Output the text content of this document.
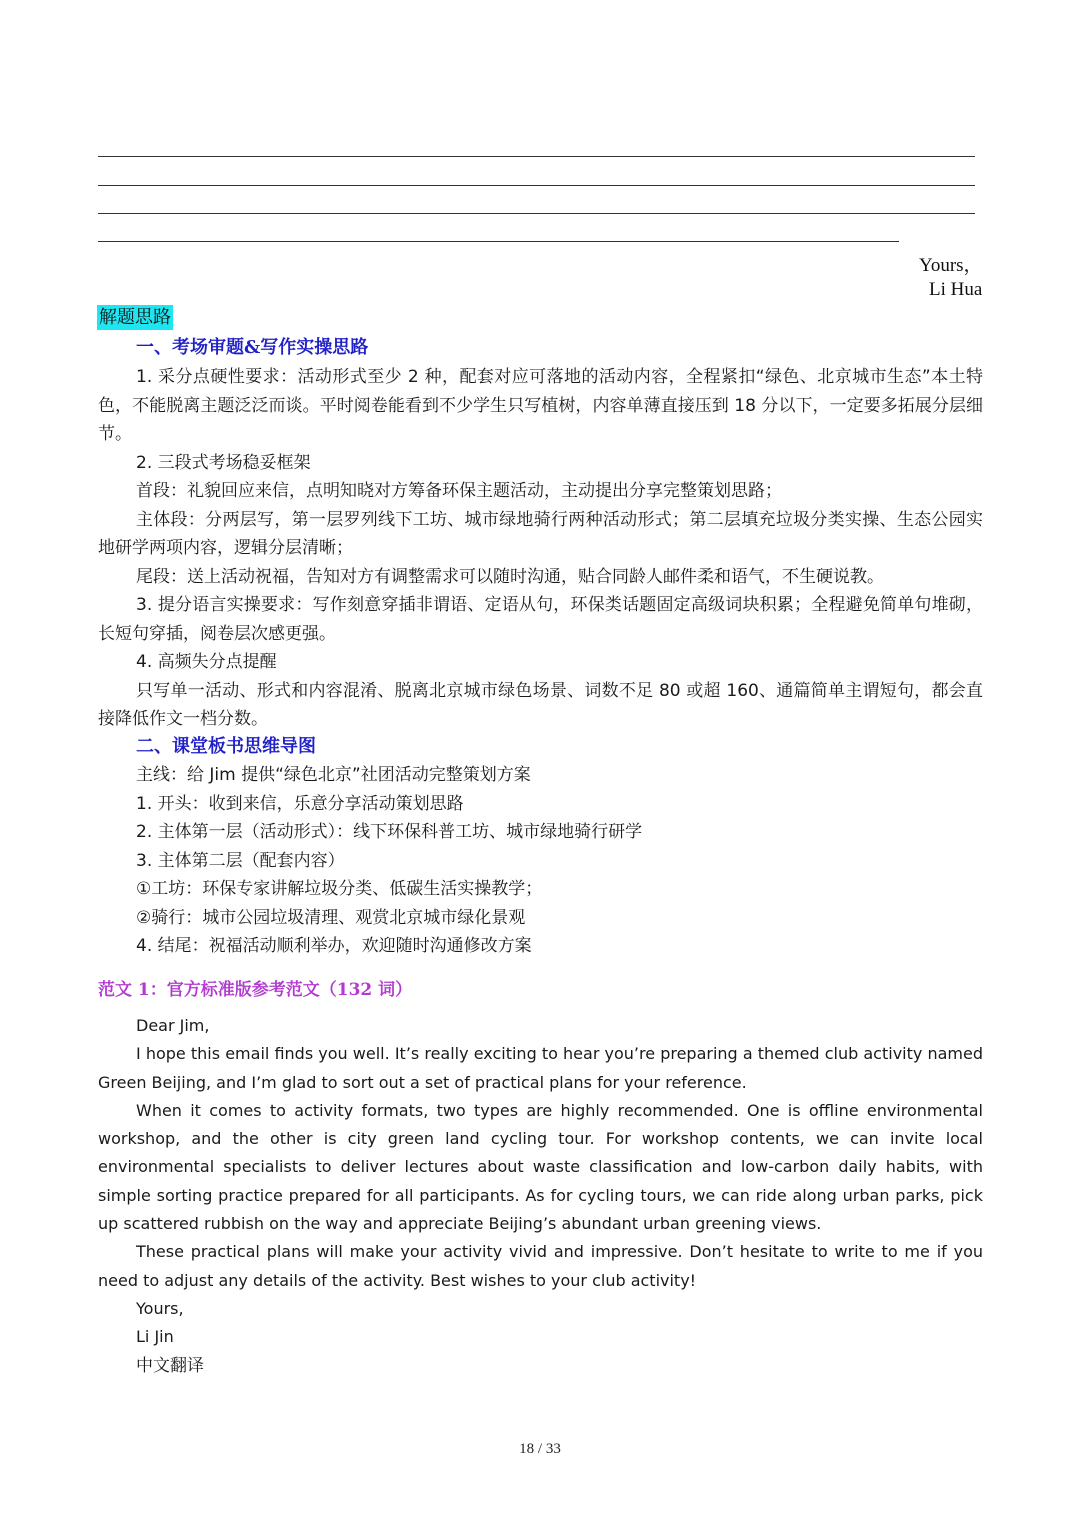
Yours，
Li Hua
解题思路
一、考场审题&写作实操思路

1. 采分点硬性要求：活动形式至少 2 种，配套对应可落地的活动内容，全程紧扣“绿色、北京城市生态”本土特色，不能脱离主题泛泛而谈。平时阅卷能看到不少学生只写植树，内容单薄直接压到 18 分以下，一定要多拓展分层细节。

2. 三段式考场稳妥框架

首段：礼貌回应来信，点明知晓对方筹备环保主题活动，主动提出分享完整策划思路；

主体段：分两层写，第一层罗列线下工坊、城市绿地骑行两种活动形式；第二层填充垃圾分类实操、生态公园实地研学两项内容，逻辑分层清晰；

尾段：送上活动祝福，告知对方有调整需求可以随时沟通，贴合同龄人邮件柔和语气，不生硬说教。

3. 提分语言实操要求：写作刻意穿插非谓语、定语从句，环保类话题固定高级词块积累；全程避免简单句堆砌，长短句穿插，阅卷层次感更强。

4. 高频失分点提醒

只写单一活动、形式和内容混淆、脱离北京城市绿色场景、词数不足 80 或超 160、通篇简单主谓短句，都会直接降低作文一档分数。

二、课堂板书思维导图

主线：给 Jim 提供“绿色北京”社团活动完整策划方案

1. 开头：收到来信，乐意分享活动策划思路

2. 主体第一层（活动形式）：线下环保科普工坊、城市绿地骑行研学

3. 主体第二层（配套内容）

①工坊：环保专家讲解垃圾分类、低碳生活实操教学；

②骑行：城市公园垃圾清理、观赏北京城市绿化景观

4. 结尾：祝福活动顺利举办，欢迎随时沟通修改方案

范文 1：官方标准版参考范文（132 词）

Dear Jim,

I hope this email finds you well. It’s really exciting to hear you’re preparing a themed club activity named Green Beijing, and I’m glad to sort out a set of practical plans for your reference.

When it comes to activity formats, two types are highly recommended. One is offline environmental workshop, and the other is city green land cycling tour. For workshop contents, we can invite local environmental specialists to deliver lectures about waste classification and low-carbon daily habits, with simple sorting practice prepared for all participants. As for cycling tours, we can ride along urban parks, pick up scattered rubbish on the way and appreciate Beijing’s abundant urban greening views.

These practical plans will make your activity vivid and impressive. Don’t hesitate to write to me if you need to adjust any details of the activity. Best wishes to your club activity!

Yours,

Li Jin

中文翻译

18 / 33
